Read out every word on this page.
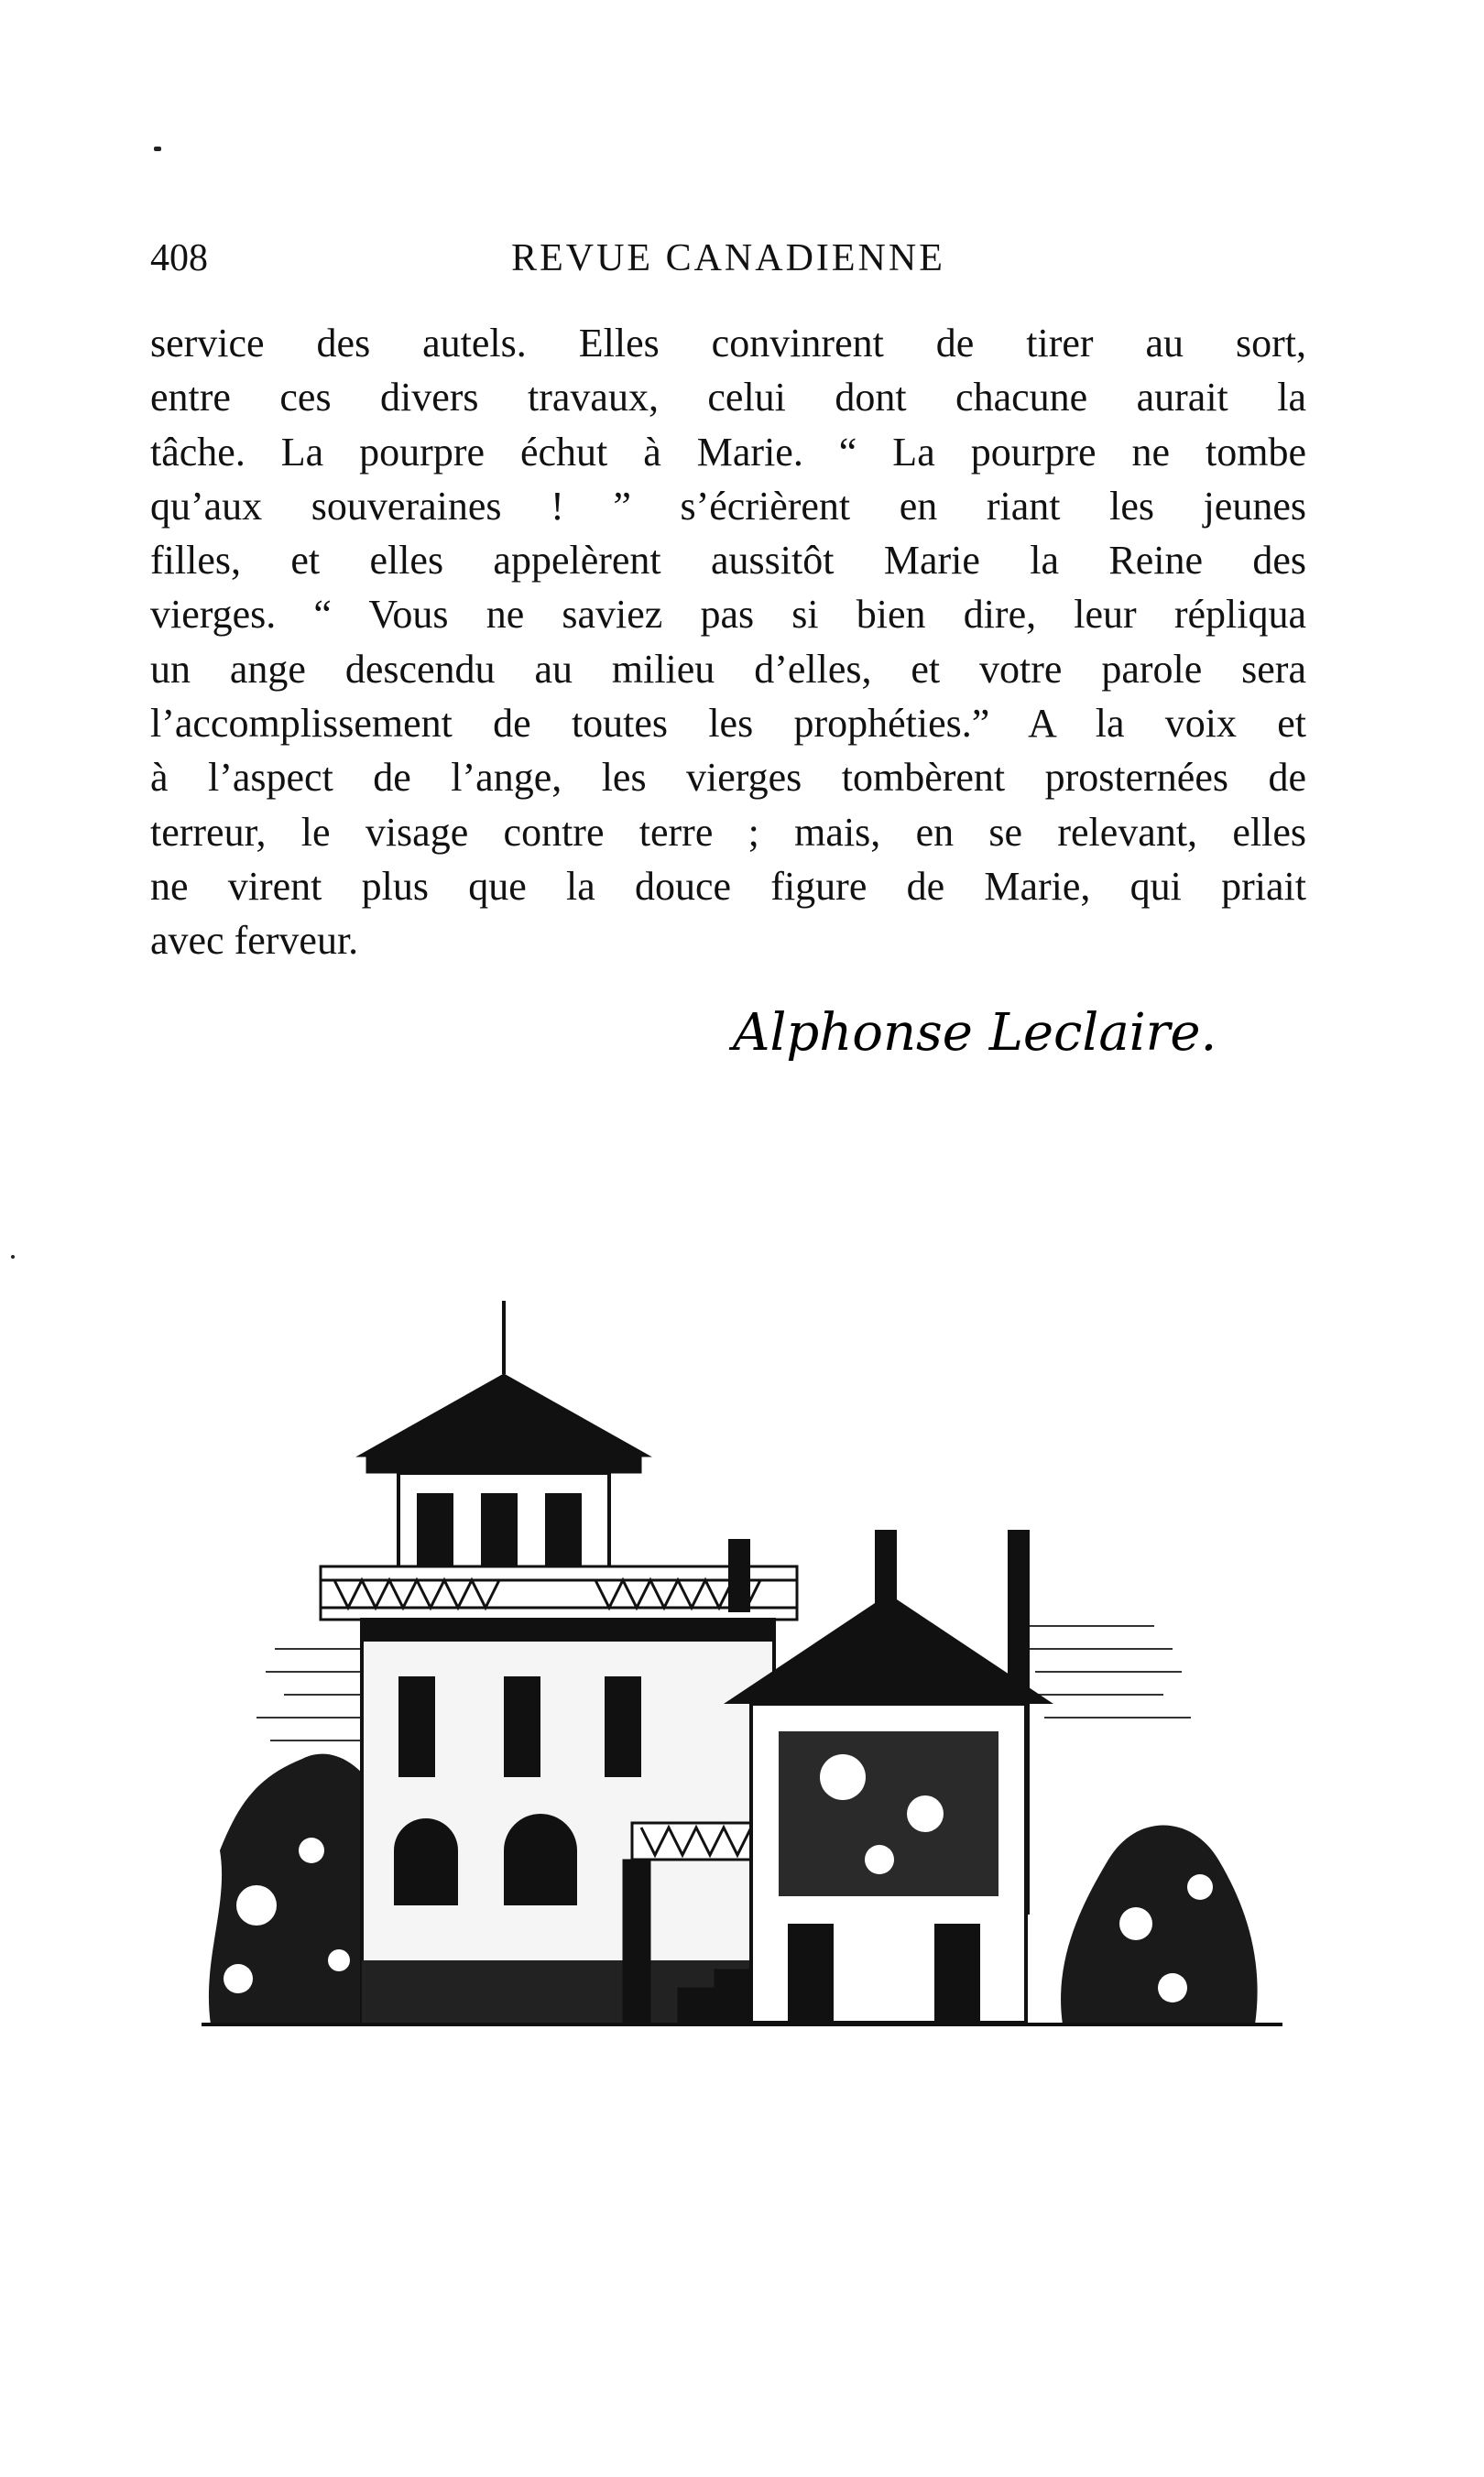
408	REVUE CANADIENNE
service des autels. Elles convinrent de tirer au sort,
entre ces divers travaux, celui dont chacune aurait la
tâche. La pourpre échut à Marie. “ La pourpre ne tombe
qu’aux souveraines ! ” s’écrièrent en riant les jeunes
filles, et elles appelèrent aussitôt Marie la Reine des
vierges. “ Vous ne saviez pas si bien dire, leur répliqua
un ange descendu au milieu d’elles, et votre parole sera
l’accomplissement de toutes les prophéties.” A la voix et
à l’aspect de l’ange, les vierges tombèrent prosternées de
terreur, le visage contre terre ; mais, en se relevant, elles
ne virent plus que la douce figure de Marie, qui priait
avec ferveur.
Alphonse Leclaire.
